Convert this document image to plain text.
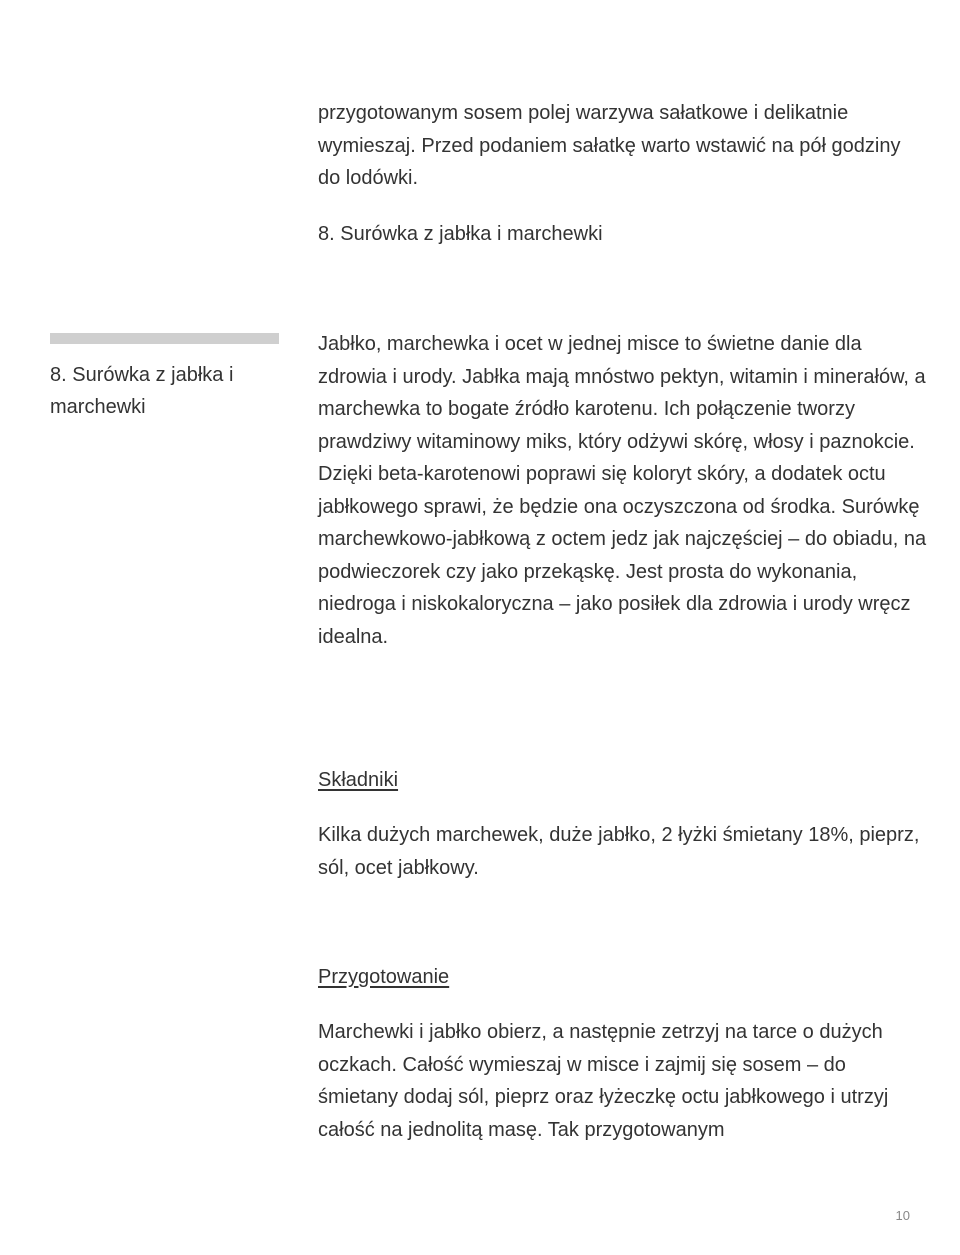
przygotowanym sosem polej warzywa sałatkowe i delikatnie wymieszaj. Przed podaniem sałatkę warto wstawić na pół godziny do lodówki.

8. Surówka z jabłka i marchewki
8. Surówka z jabłka i marchewki

Jabłko, marchewka i ocet w jednej misce to świetne danie dla zdrowia i urody. Jabłka mają mnóstwo pektyn, witamin i minerałów, a marchewka to bogate źródło karotenu. Ich połączenie tworzy prawdziwy witaminowy miks, który odżywi skórę, włosy i paznokcie. Dzięki beta-karotenowi poprawi się koloryt skóry, a dodatek octu jabłkowego sprawi, że będzie ona oczyszczona od środka. Surówkę marchewkowo-jabłkową z octem jedz jak najczęściej – do obiadu, na podwieczorek czy jako przekąskę. Jest prosta do wykonania, niedroga i niskokaloryczna – jako posiłek dla zdrowia i urody wręcz idealna.

Składniki

Kilka dużych marchewek, duże jabłko, 2 łyżki śmietany 18%, pieprz, sól, ocet jabłkowy.

Przygotowanie

Marchewki i jabłko obierz, a następnie zetrzyj na tarce o dużych oczkach. Całość wymieszaj w misce i zajmij się sosem – do śmietany dodaj sól, pieprz oraz łyżeczkę octu jabłkowego i utrzyj całość na jednolitą masę. Tak przygotowanym

10
